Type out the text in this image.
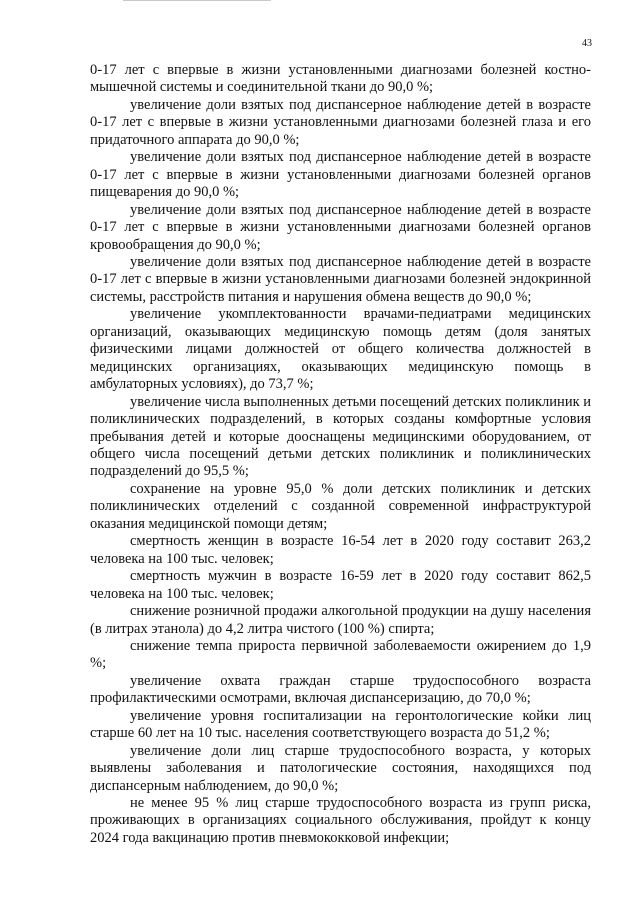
43

0-17 лет с впервые в жизни установленными диагнозами болезней костно-мышечной системы и соединительной ткани до 90,0 %;

увеличение доли взятых под диспансерное наблюдение детей в возрасте 0-17 лет с впервые в жизни установленными диагнозами болезней глаза и его придаточного аппарата до 90,0 %;

увеличение доли взятых под диспансерное наблюдение детей в возрасте 0-17 лет с впервые в жизни установленными диагнозами болезней органов пищеварения до 90,0 %;

увеличение доли взятых под диспансерное наблюдение детей в возрасте 0-17 лет с впервые в жизни установленными диагнозами болезней органов кровообращения до 90,0 %;

увеличение доли взятых под диспансерное наблюдение детей в возрасте 0-17 лет с впервые в жизни установленными диагнозами болезней эндокринной системы, расстройств питания и нарушения обмена веществ до 90,0 %;

увеличение укомплектованности врачами-педиатрами медицинских организаций, оказывающих медицинскую помощь детям (доля занятых физическими лицами должностей от общего количества должностей в медицинских организациях, оказывающих медицинскую помощь в амбулаторных условиях), до 73,7 %;

увеличение числа выполненных детьми посещений детских поликлиник и поликлинических подразделений, в которых созданы комфортные условия пребывания детей и которые дооснащены медицинскими оборудованием, от общего числа посещений детьми детских поликлиник и поликлинических подразделений до 95,5 %;

сохранение на уровне 95,0 % доли детских поликлиник и детских поликлинических отделений с созданной современной инфраструктурой оказания медицинской помощи детям;

смертность женщин в возрасте 16-54 лет в 2020 году составит 263,2 человека на 100 тыс. человек;

смертность мужчин в возрасте 16-59 лет в 2020 году составит 862,5 человека на 100 тыс. человек;

снижение розничной продажи алкогольной продукции на душу населения (в литрах этанола) до 4,2 литра чистого (100 %) спирта;

снижение темпа прироста первичной заболеваемости ожирением до 1,9 %;

увеличение охвата граждан старше трудоспособного возраста профилактическими осмотрами, включая диспансеризацию, до 70,0 %;

увеличение уровня госпитализации на геронтологические койки лиц старше 60 лет на 10 тыс. населения соответствующего возраста до 51,2 %;

увеличение доли лиц старше трудоспособного возраста, у которых выявлены заболевания и патологические состояния, находящихся под диспансерным наблюдением, до 90,0 %;

не менее 95 % лиц старше трудоспособного возраста из групп риска, проживающих в организациях социального обслуживания, пройдут к концу 2024 года вакцинацию против пневмококковой инфекции;
